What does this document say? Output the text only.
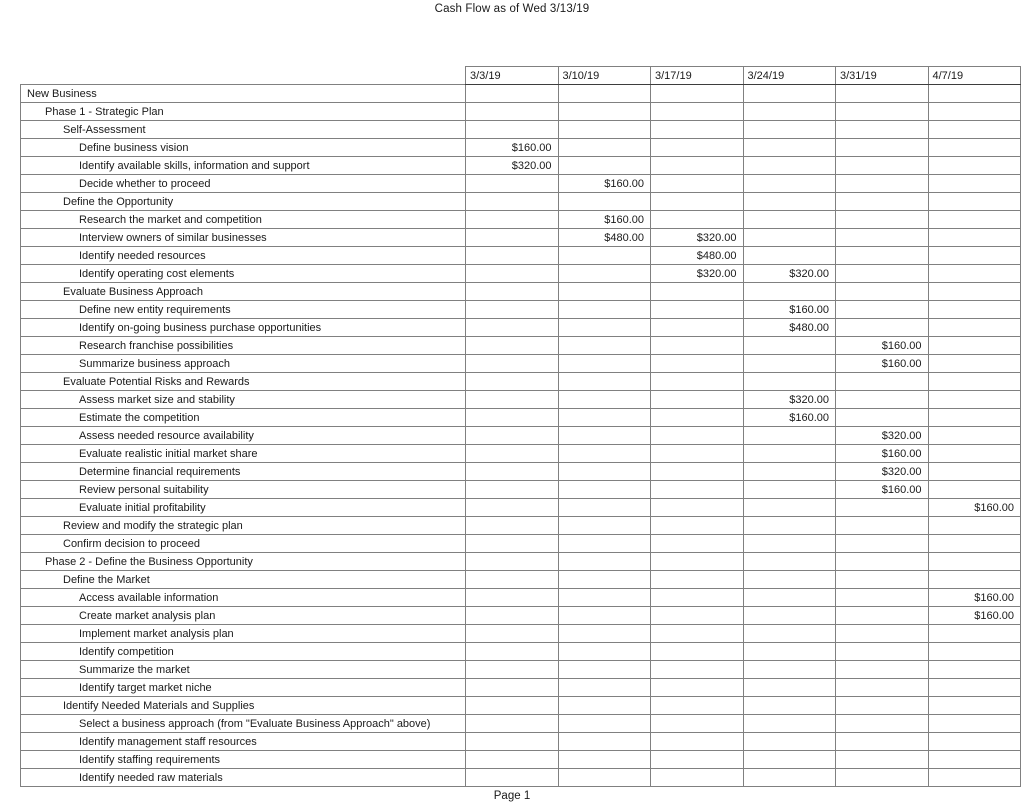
Cash Flow as of Wed 3/13/19
	3/3/19	3/10/19	3/17/19	3/24/19	3/31/19	4/7/19
New Business						
Phase 1 - Strategic Plan						
Self-Assessment						
Define business vision	$160.00					
Identify available skills, information and support	$320.00					
Decide whether to proceed		$160.00				
Define the Opportunity						
Research the market and competition		$160.00				
Interview owners of similar businesses		$480.00	$320.00			
Identify needed resources			$480.00			
Identify operating cost elements			$320.00	$320.00		
Evaluate Business Approach						
Define new entity requirements				$160.00		
Identify on-going business purchase opportunities				$480.00		
Research franchise possibilities					$160.00	
Summarize business approach					$160.00	
Evaluate Potential Risks and Rewards						
Assess market size and stability				$320.00		
Estimate the competition				$160.00		
Assess needed resource availability					$320.00	
Evaluate realistic initial market share					$160.00	
Determine financial requirements					$320.00	
Review personal suitability					$160.00	
Evaluate initial profitability						$160.00
Review and modify the strategic plan						
Confirm decision to proceed						
Phase 2 - Define the Business Opportunity						
Define the Market						
Access available information						$160.00
Create market analysis plan						$160.00
Implement market analysis plan						
Identify competition						
Summarize the market						
Identify target market niche						
Identify Needed Materials and Supplies						
Select a business approach (from "Evaluate Business Approach" above)						
Identify management staff resources						
Identify staffing requirements						
Identify needed raw materials						
Page 1
